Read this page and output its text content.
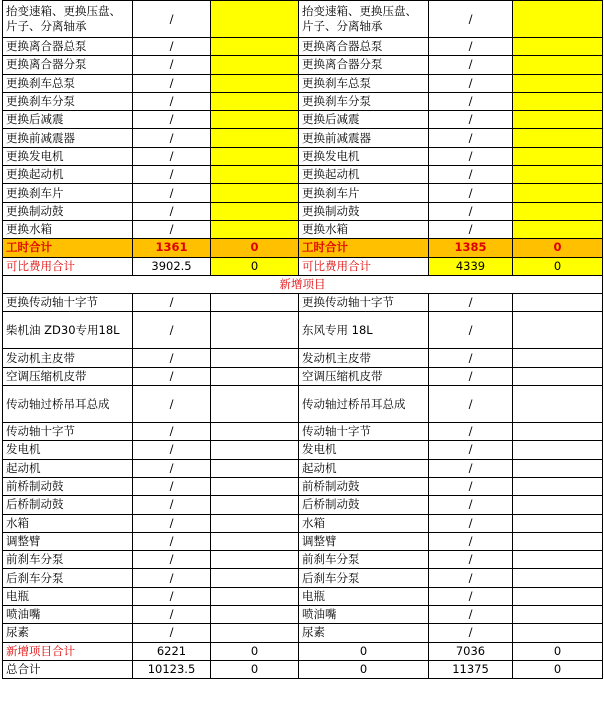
抬变速箱、更换压盘、片子、分离轴承	/		抬变速箱、更换压盘、片子、分离轴承	/	
更换离合器总泵	/		更换离合器总泵	/	
更换离合器分泵	/		更换离合器分泵	/	
更换刹车总泵	/		更换刹车总泵	/	
更换刹车分泵	/		更换刹车分泵	/	
更换后减震	/		更换后减震	/	
更换前减震器	/		更换前减震器	/	
更换发电机	/		更换发电机	/	
更换起动机	/		更换起动机	/	
更换刹车片	/		更换刹车片	/	
更换制动鼓	/		更换制动鼓	/	
更换水箱	/		更换水箱	/	
工时合计	1361	0	工时合计	1385	0
可比费用合计	3902.5	0	可比费用合计	4339	0
新增项目					
更换传动轴十字节	/		更换传动轴十字节	/	
柴机油 ZD30专用18L	/		东风专用 18L	/	
发动机主皮带	/		发动机主皮带	/	
空调压缩机皮带	/		空调压缩机皮带	/	
传动轴过桥吊耳总成	/		传动轴过桥吊耳总成	/	
传动轴十字节	/		传动轴十字节	/	
发电机	/		发电机	/	
起动机	/		起动机	/	
前桥制动鼓	/		前桥制动鼓	/	
后桥制动鼓	/		后桥制动鼓	/	
水箱	/		水箱	/	
调整臂	/		调整臂	/	
前刹车分泵	/		前刹车分泵	/	
后刹车分泵	/		后刹车分泵	/	
电瓶	/		电瓶	/	
喷油嘴	/		喷油嘴	/	
尿素	/		尿素	/	
新增项目合计	6221	0	0	7036	0
总合计	10123.5	0	0	11375	0
